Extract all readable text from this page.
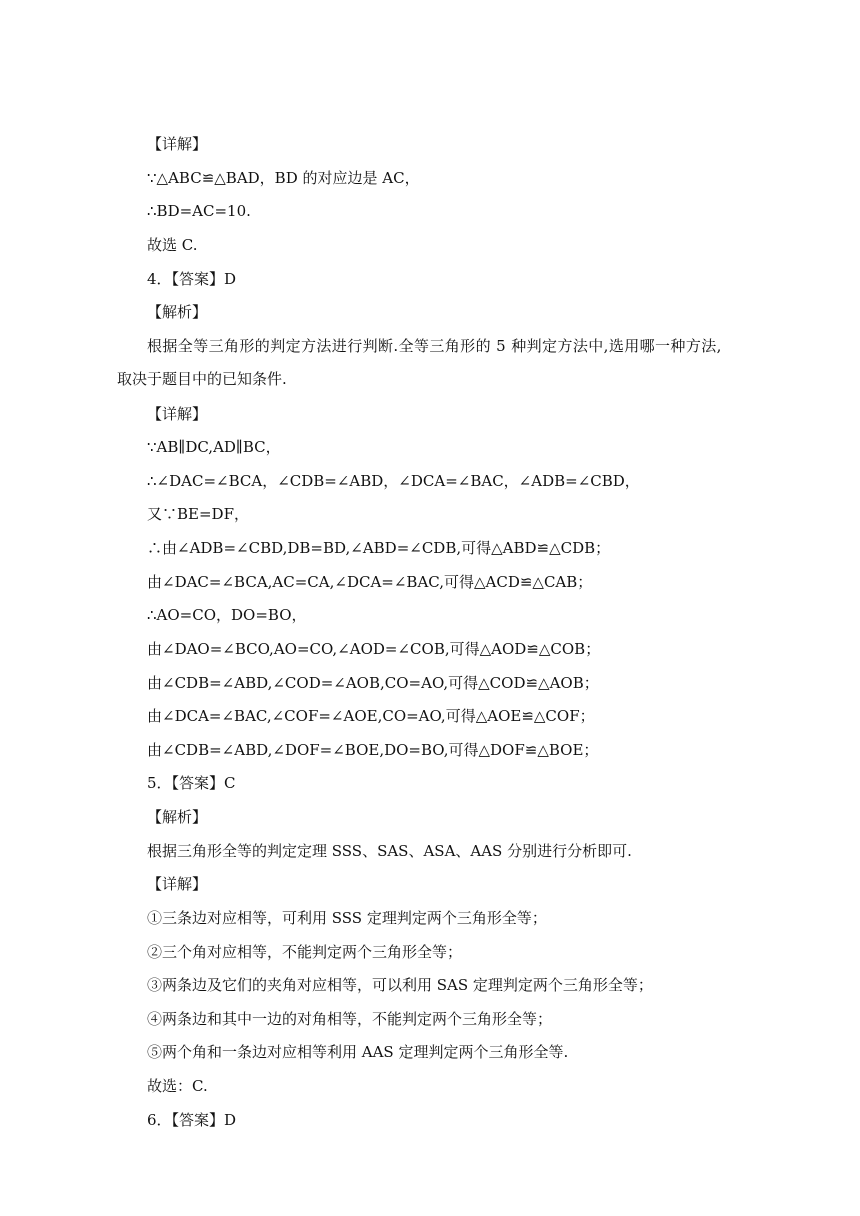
【详解】
∵△ABC≌△BAD，BD 的对应边是 AC，
∴BD=AC=10.
故选 C.
4．【答案】D
【解析】
根据全等三角形的判定方法进行判断.全等三角形的 5 种判定方法中,选用哪一种方法,
取决于题目中的已知条件.
【详解】
∵AB∥DC,AD∥BC，
∴∠DAC=∠BCA，∠CDB=∠ABD，∠DCA=∠BAC，∠ADB=∠CBD，
又∵BE=DF，
∴由∠ADB=∠CBD,DB=BD,∠ABD=∠CDB,可得△ABD≌△CDB；
由∠DAC=∠BCA,AC=CA,∠DCA=∠BAC,可得△ACD≌△CAB；
∴AO=CO，DO=BO，
由∠DAO=∠BCO,AO=CO,∠AOD=∠COB,可得△AOD≌△COB；
由∠CDB=∠ABD,∠COD=∠AOB,CO=AO,可得△COD≌△AOB；
由∠DCA=∠BAC,∠COF=∠AOE,CO=AO,可得△AOE≌△COF；
由∠CDB=∠ABD,∠DOF=∠BOE,DO=BO,可得△DOF≌△BOE；
5．【答案】C
【解析】
根据三角形全等的判定定理 SSS、SAS、ASA、AAS 分别进行分析即可.
【详解】
①三条边对应相等，可利用 SSS 定理判定两个三角形全等；
②三个角对应相等，不能判定两个三角形全等；
③两条边及它们的夹角对应相等，可以利用 SAS 定理判定两个三角形全等；
④两条边和其中一边的对角相等，不能判定两个三角形全等；
⑤两个角和一条边对应相等利用 AAS 定理判定两个三角形全等.
故选：C.
6．【答案】D
